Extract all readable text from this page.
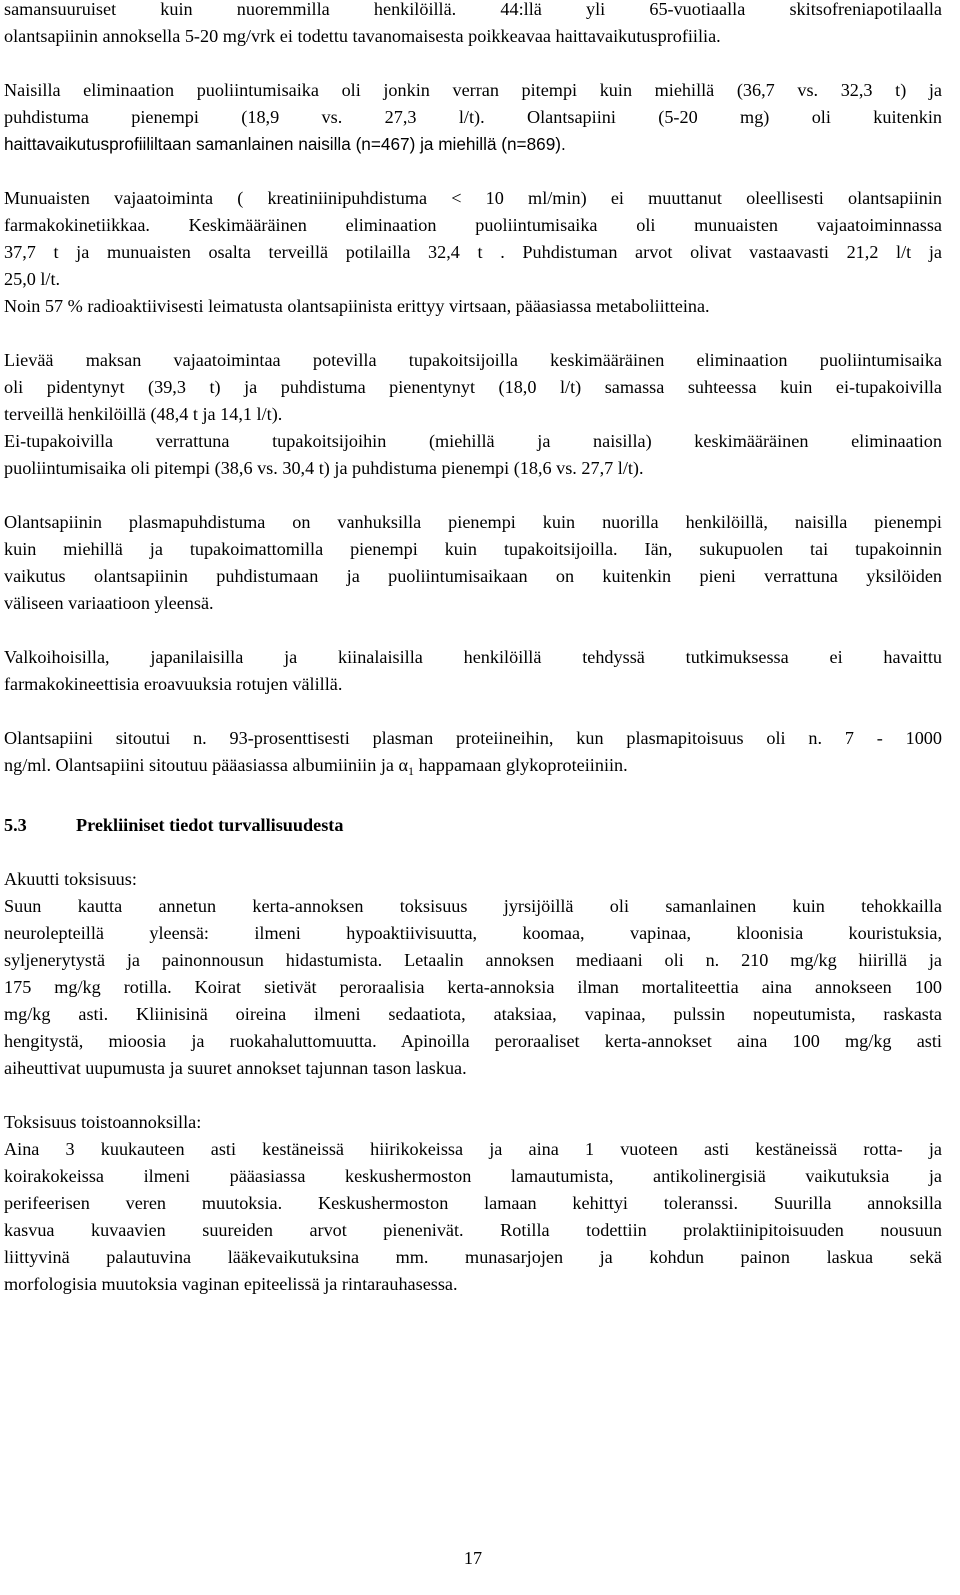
samansuuruiset kuin nuoremmilla henkilöillä. 44:llä yli 65-vuotiaalla skitsofreniapotilaalla
olantsapiinin annoksella 5-20 mg/vrk ei todettu tavanomaisesta poikkeavaa haittavaikutusprofiilia.
Naisilla eliminaation puoliintumisaika oli jonkin verran pitempi kuin miehillä (36,7 vs. 32,3 t) ja
puhdistuma pienempi (18,9 vs. 27,3 l/t). Olantsapiini (5-20 mg) oli kuitenkin
haittavaikutusprofiililtaan samanlainen naisilla (n=467) ja miehillä (n=869).
Munuaisten vajaatoiminta ( kreatiniinipuhdistuma < 10 ml/min) ei muuttanut oleellisesti olantsapiinin
farmakokinetiikkaa. Keskimääräinen eliminaation puoliintumisaika oli munuaisten vajaatoiminnassa
37,7 t ja munuaisten osalta terveillä potilailla 32,4 t . Puhdistuman arvot olivat vastaavasti 21,2 l/t ja
25,0 l/t.
Noin 57 % radioaktiivisesti leimatusta olantsapiinista erittyy virtsaan, pääasiassa metaboliitteina.
Lievää maksan vajaatoimintaa potevilla tupakoitsijoilla keskimääräinen eliminaation puoliintumisaika
oli pidentynyt (39,3 t) ja puhdistuma pienentynyt (18,0 l/t) samassa suhteessa kuin ei-tupakoivilla
terveillä henkilöillä (48,4 t ja 14,1 l/t).
Ei-tupakoivilla verrattuna tupakoitsijoihin (miehillä ja naisilla) keskimääräinen eliminaation
puoliintumisaika oli pitempi (38,6 vs. 30,4 t) ja puhdistuma pienempi (18,6 vs. 27,7 l/t).
Olantsapiinin plasmapuhdistuma on vanhuksilla pienempi kuin nuorilla henkilöillä, naisilla pienempi
kuin miehillä ja tupakoimattomilla pienempi kuin tupakoitsijoilla. Iän, sukupuolen tai tupakoinnin
vaikutus olantsapiinin puhdistumaan ja puoliintumisaikaan on kuitenkin pieni verrattuna yksilöiden
väliseen variaatioon yleensä.
Valkoihoisilla, japanilaisilla ja kiinalaisilla henkilöillä tehdyssä tutkimuksessa ei havaittu
farmakokineettisia eroavuuksia rotujen välillä.
Olantsapiini sitoutui n. 93-prosenttisesti plasman proteiineihin, kun plasmapitoisuus oli n. 7 - 1000
ng/ml. Olantsapiini sitoutuu pääasiassa albumiiniin ja $\alpha_1$ happamaan glykoproteiiniin.
5.3	Prekliiniset tiedot turvallisuudesta
Akuutti toksisuus:
Suun kautta annetun kerta-annoksen toksisuus jyrsijöillä oli samanlainen kuin tehokkailla
neurolepteillä yleensä: ilmeni hypoaktiivisuutta, koomaa, vapinaa, kloonisia kouristuksia,
syljenerytystä ja painonnousun hidastumista. Letaalin annoksen mediaani oli n. 210 mg/kg hiirillä ja
175 mg/kg rotilla. Koirat sietivät peroraalisia kerta-annoksia ilman mortaliteettia aina annokseen 100
mg/kg asti. Kliinisinä oireina ilmeni sedaatiota, ataksiaa, vapinaa, pulssin nopeutumista, raskasta
hengitystä, mioosia ja ruokahaluttomuutta. Apinoilla peroraaliset kerta-annokset aina 100 mg/kg asti
aiheuttivat uupumusta ja suuret annokset tajunnan tason laskua.
Toksisuus toistoannoksilla:
Aina 3 kuukauteen asti kestäneissä hiirikokeissa ja aina 1 vuoteen asti kestäneissä rotta- ja
koirakokeissa ilmeni pääasiassa keskushermoston lamautumista, antikolinergisiä vaikutuksia ja
perifeerisen veren muutoksia. Keskushermoston lamaan kehittyi toleranssi. Suurilla annoksilla
kasvua kuvaavien suureiden arvot pienenivät. Rotilla todettiin prolaktiinipitoisuuden nousuun
liittyvinä palautuvina lääkevaikutuksina mm. munasarjojen ja kohdun painon laskua sekä
morfologisia muutoksia vaginan epiteelissä ja rintarauhasessa.
17
